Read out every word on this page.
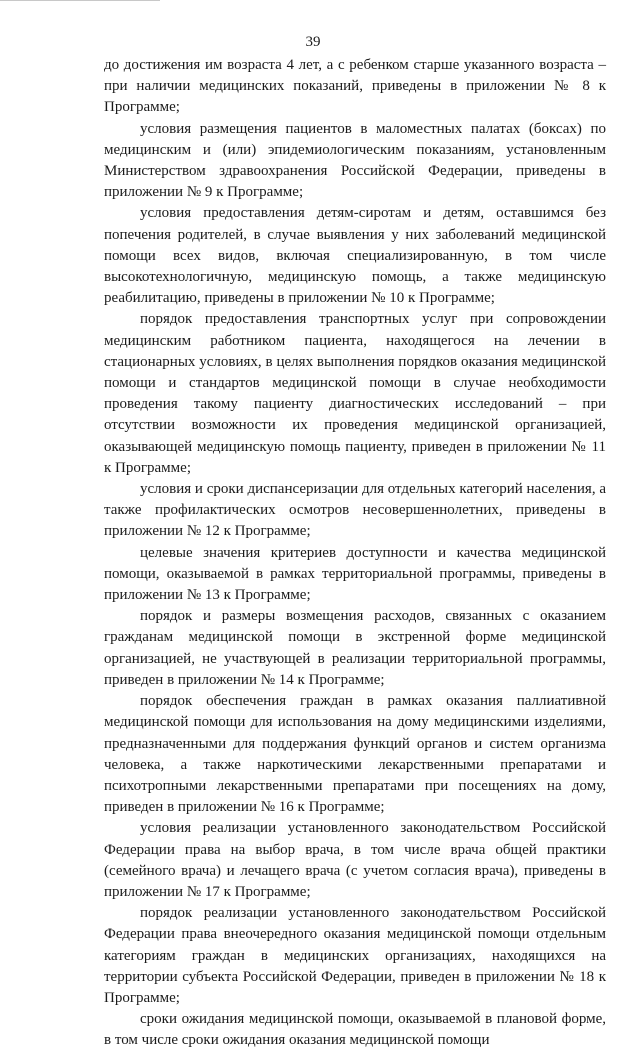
39

до достижения им возраста 4 лет, а с ребенком старше указанного возраста – при наличии медицинских показаний, приведены в приложении № 8 к Программе;

условия размещения пациентов в маломестных палатах (боксах) по медицинским и (или) эпидемиологическим показаниям, установленным Министерством здравоохранения Российской Федерации, приведены в приложении № 9 к Программе;

условия предоставления детям-сиротам и детям, оставшимся без попечения родителей, в случае выявления у них заболеваний медицинской помощи всех видов, включая специализированную, в том числе высокотехнологичную, медицинскую помощь, а также медицинскую реабилитацию, приведены в приложении № 10 к Программе;

порядок предоставления транспортных услуг при сопровождении медицинским работником пациента, находящегося на лечении в стационарных условиях, в целях выполнения порядков оказания медицинской помощи и стандартов медицинской помощи в случае необходимости проведения такому пациенту диагностических исследований – при отсутствии возможности их проведения медицинской организацией, оказывающей медицинскую помощь пациенту, приведен в приложении № 11 к Программе;

условия и сроки диспансеризации для отдельных категорий населения, а также профилактических осмотров несовершеннолетних, приведены в приложении № 12 к Программе;

целевые значения критериев доступности и качества медицинской помощи, оказываемой в рамках территориальной программы, приведены в приложении № 13 к Программе;

порядок и размеры возмещения расходов, связанных с оказанием гражданам медицинской помощи в экстренной форме медицинской организацией, не участвующей в реализации территориальной программы, приведен в приложении № 14 к Программе;

порядок обеспечения граждан в рамках оказания паллиативной медицинской помощи для использования на дому медицинскими изделиями, предназначенными для поддержания функций органов и систем организма человека, а также наркотическими лекарственными препаратами и психотропными лекарственными препаратами при посещениях на дому, приведен в приложении № 16 к Программе;

условия реализации установленного законодательством Российской Федерации права на выбор врача, в том числе врача общей практики (семейного врача) и лечащего врача (с учетом согласия врача), приведены в приложении № 17 к Программе;

порядок реализации установленного законодательством Российской Федерации права внеочередного оказания медицинской помощи отдельным категориям граждан в медицинских организациях, находящихся на территории субъекта Российской Федерации, приведен в приложении № 18 к Программе;

сроки ожидания медицинской помощи, оказываемой в плановой форме, в том числе сроки ожидания оказания медицинской помощи
